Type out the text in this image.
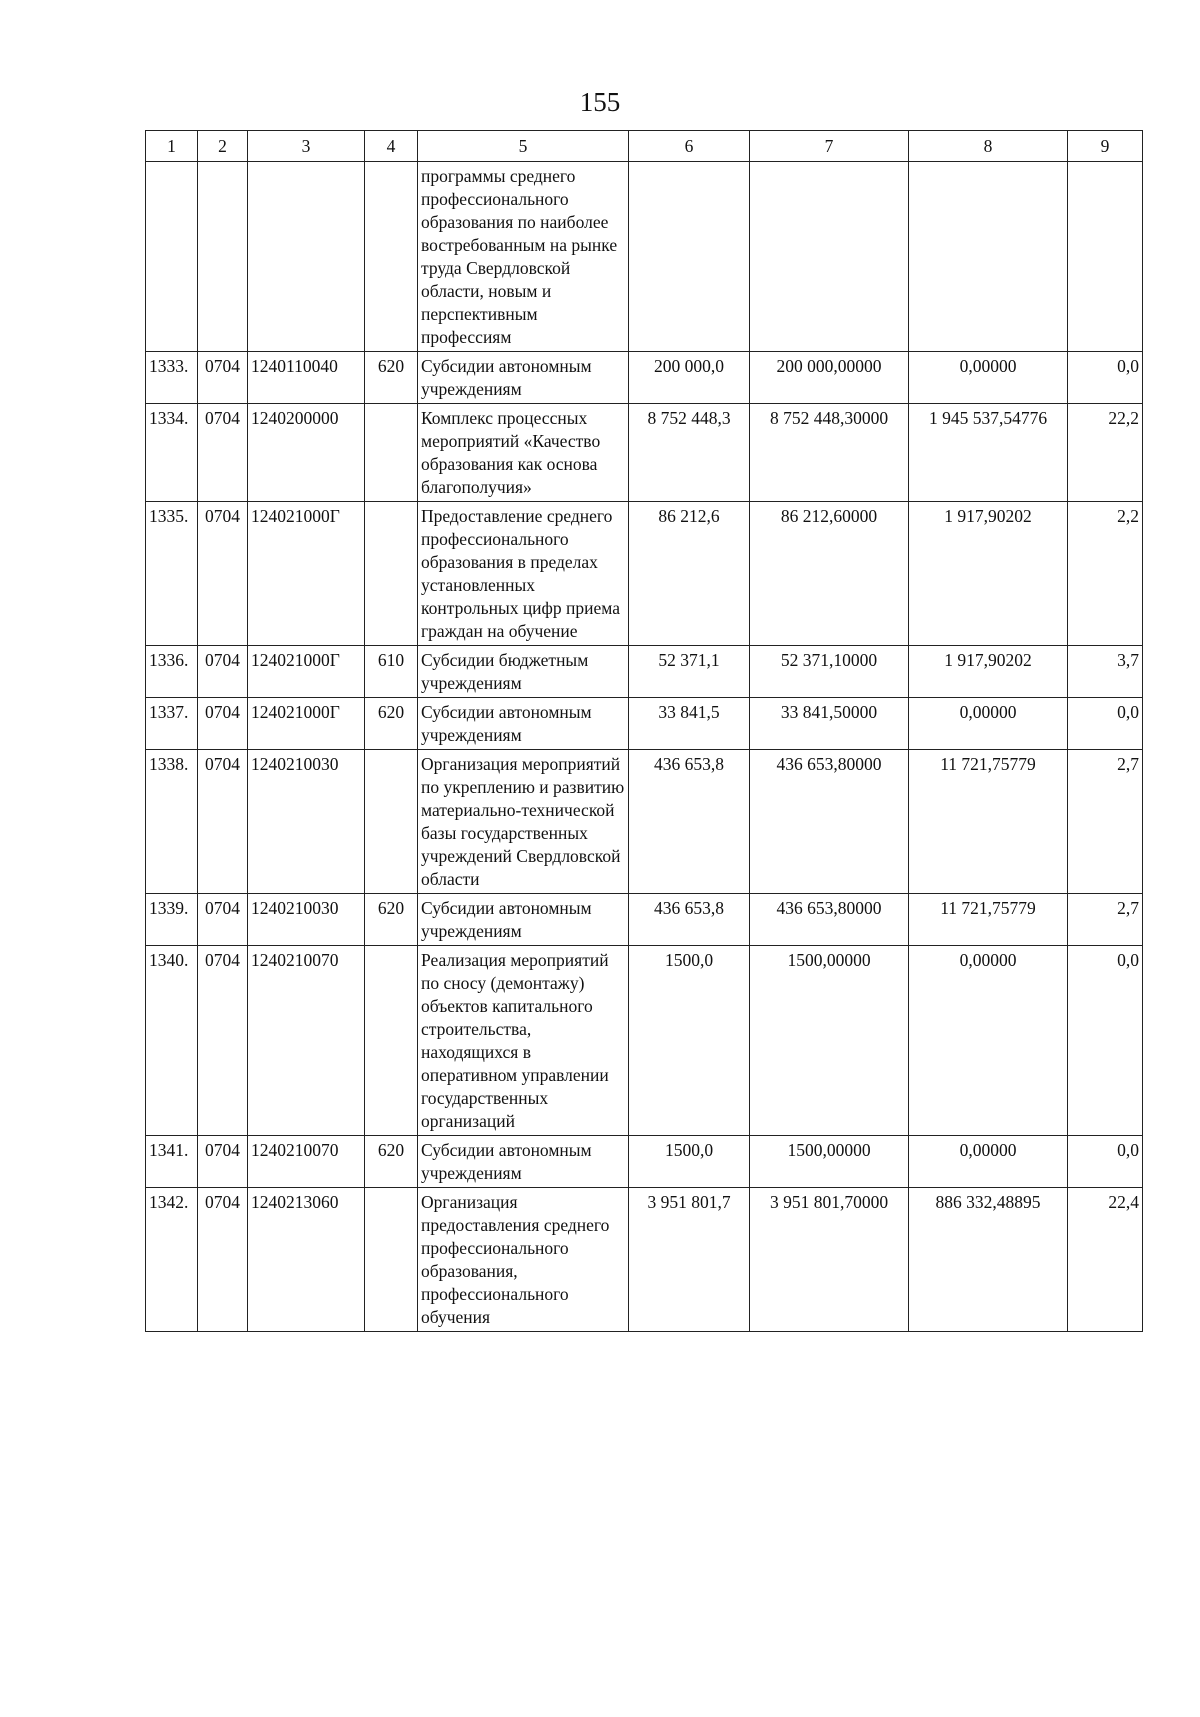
155
1	2	3	4	5	6	7	8	9
				программы среднего профессионального образования по наиболее востребованным на рынке труда Свердловской области, новым и перспективным профессиям				
1333.	0704	1240110040	620	Субсидии автономным учреждениям	200 000,0	200 000,00000	0,00000	0,0
1334.	0704	1240200000		Комплекс процессных мероприятий «Качество образования как основа благополучия»	8 752 448,3	8 752 448,30000	1 945 537,54776	22,2
1335.	0704	124021000Г		Предоставление среднего профессионального образования в пределах установленных контрольных цифр приема граждан на обучение	86 212,6	86 212,60000	1 917,90202	2,2
1336.	0704	124021000Г	610	Субсидии бюджетным учреждениям	52 371,1	52 371,10000	1 917,90202	3,7
1337.	0704	124021000Г	620	Субсидии автономным учреждениям	33 841,5	33 841,50000	0,00000	0,0
1338.	0704	1240210030		Организация мероприятий по укреплению и развитию материально-технической базы государственных учреждений Свердловской области	436 653,8	436 653,80000	11 721,75779	2,7
1339.	0704	1240210030	620	Субсидии автономным учреждениям	436 653,8	436 653,80000	11 721,75779	2,7
1340.	0704	1240210070		Реализация мероприятий по сносу (демонтажу) объектов капитального строительства, находящихся в оперативном управлении государственных организаций	1500,0	1500,00000	0,00000	0,0
1341.	0704	1240210070	620	Субсидии автономным учреждениям	1500,0	1500,00000	0,00000	0,0
1342.	0704	1240213060		Организация предоставления среднего профессионального образования, профессионального обучения	3 951 801,7	3 951 801,70000	886 332,48895	22,4
